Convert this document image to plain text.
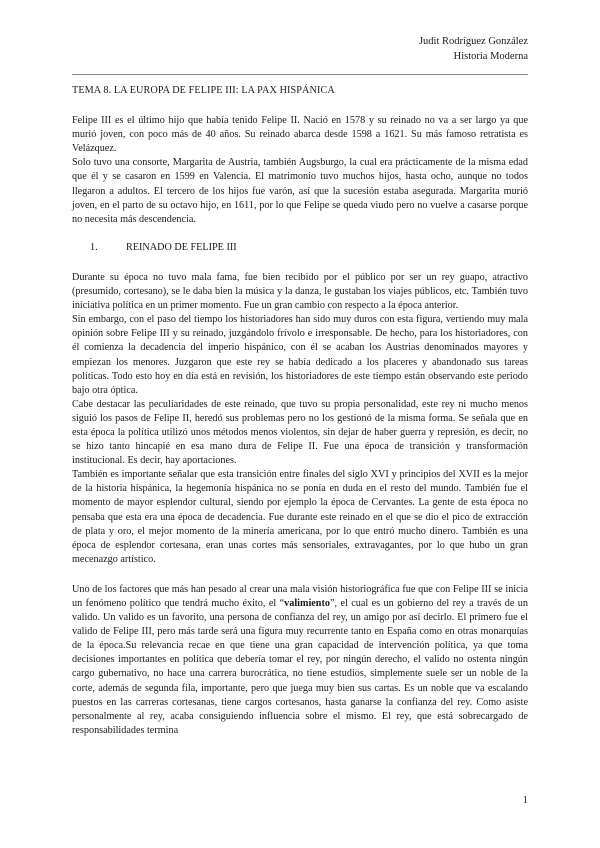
Judit Rodríguez González
Historia Moderna

TEMA 8. LA EUROPA DE FELIPE III: LA PAX HISPÁNICA

Felipe III es el último hijo que había tenido Felipe II. Nació en 1578 y su reinado no va a ser largo ya que murió joven, con poco más de 40 años. Su reinado abarca desde 1598 a 1621. Su más famoso retratista es Velázquez.

Solo tuvo una consorte, Margarita de Austria, también Augsburgo, la cual era prácticamente de la misma edad que él y se casaron en 1599 en Valencia. El matrimonio tuvo muchos hijos, hasta ocho, aunque no todos llegaron a adultos. El tercero de los hijos fue varón, así que la sucesión estaba asegurada. Margarita murió joven, en el parto de su octavo hijo, en 1611, por lo que Felipe se queda viudo pero no vuelve a casarse porque no necesita más descendencia.

1.	REINADO DE FELIPE III

Durante su época no tuvo mala fama, fue bien recibido por el público por ser un rey guapo, atractivo (presumido, cortesano), se le daba bien la música y la danza, le gustaban los viajes públicos, etc. También tuvo iniciativa política en un primer momento. Fue un gran cambio con respecto a la época anterior.

Sin embargo, con el paso del tiempo los historiadores han sido muy duros con esta figura, vertiendo muy mala opinión sobre Felipe III y su reinado, juzgándolo frívolo e irresponsable. De hecho, para los historiadores, con él comienza la decadencia del imperio hispánico, con él se acaban los Austrias denominados mayores y empiezan los menores. Juzgaron que este rey se había dedicado a los placeres y abandonado sus tareas políticas. Todo esto hoy en día está en revisión, los historiadores de este tiempo están observando este periodo bajo otra óptica.

Cabe destacar las peculiaridades de este reinado, que tuvo su propia personalidad, este rey ni mucho menos siguió los pasos de Felipe II, heredó sus problemas pero no los gestionó de la misma forma. Se señala que en esta época la política utilizó unos métodos menos violentos, sin dejar de haber guerra y represión, es decir, no se hizo tanto hincapié en esa mano dura de Felipe II. Fue una época de transición y transformación institucional. Es decir, hay aportaciones.

También es importante señalar que esta transición entre finales del siglo XVI y principios del XVII es la mejor de la historia hispánica, la hegemonía hispánica no se ponía en duda en el resto del mundo. También fue el momento de mayor esplendor cultural, siendo por ejemplo la época de Cervantes. La gente de esta época no pensaba que esta era una época de decadencia. Fue durante este reinado en el que se dio el pico de extracción de plata y oro, el mejor momento de la minería americana, por lo que entró mucho dinero. También es una época de esplendor cortesana, eran unas cortes más sensoriales, extravagantes, por lo que hubo un gran mecenazgo artístico.

Uno de los factores que más han pesado al crear una mala visión historiográfica fue que con Felipe III se inicia un fenómeno político que tendrá mucho éxito, el “valimiento”, el cual es un gobierno del rey a través de un valido. Un valido es un favorito, una persona de confianza del rey, un amigo por así decirlo. El primero fue el valido de Felipe III, pero más tarde será una figura muy recurrente tanto en España como en otras monarquías de la época.Su relevancia recae en que tiene una gran capacidad de intervención política, ya que toma decisiones importantes en política que debería tomar el rey, por ningún derecho, el valido no ostenta ningún cargo gubernativo, no hace una carrera burocrática, no tiene estudios, simplemente suele ser un noble de la corte, además de segunda fila, importante, pero que juega muy bien sus cartas. Es un noble que va escalando puestos en las carreras cortesanas, tiene cargos cortesanos, hasta ganarse la confianza del rey. Como asiste personalmente al rey, acaba consiguiendo influencia sobre el mismo. El rey, que está sobrecargado de responsabilidades termina

1
